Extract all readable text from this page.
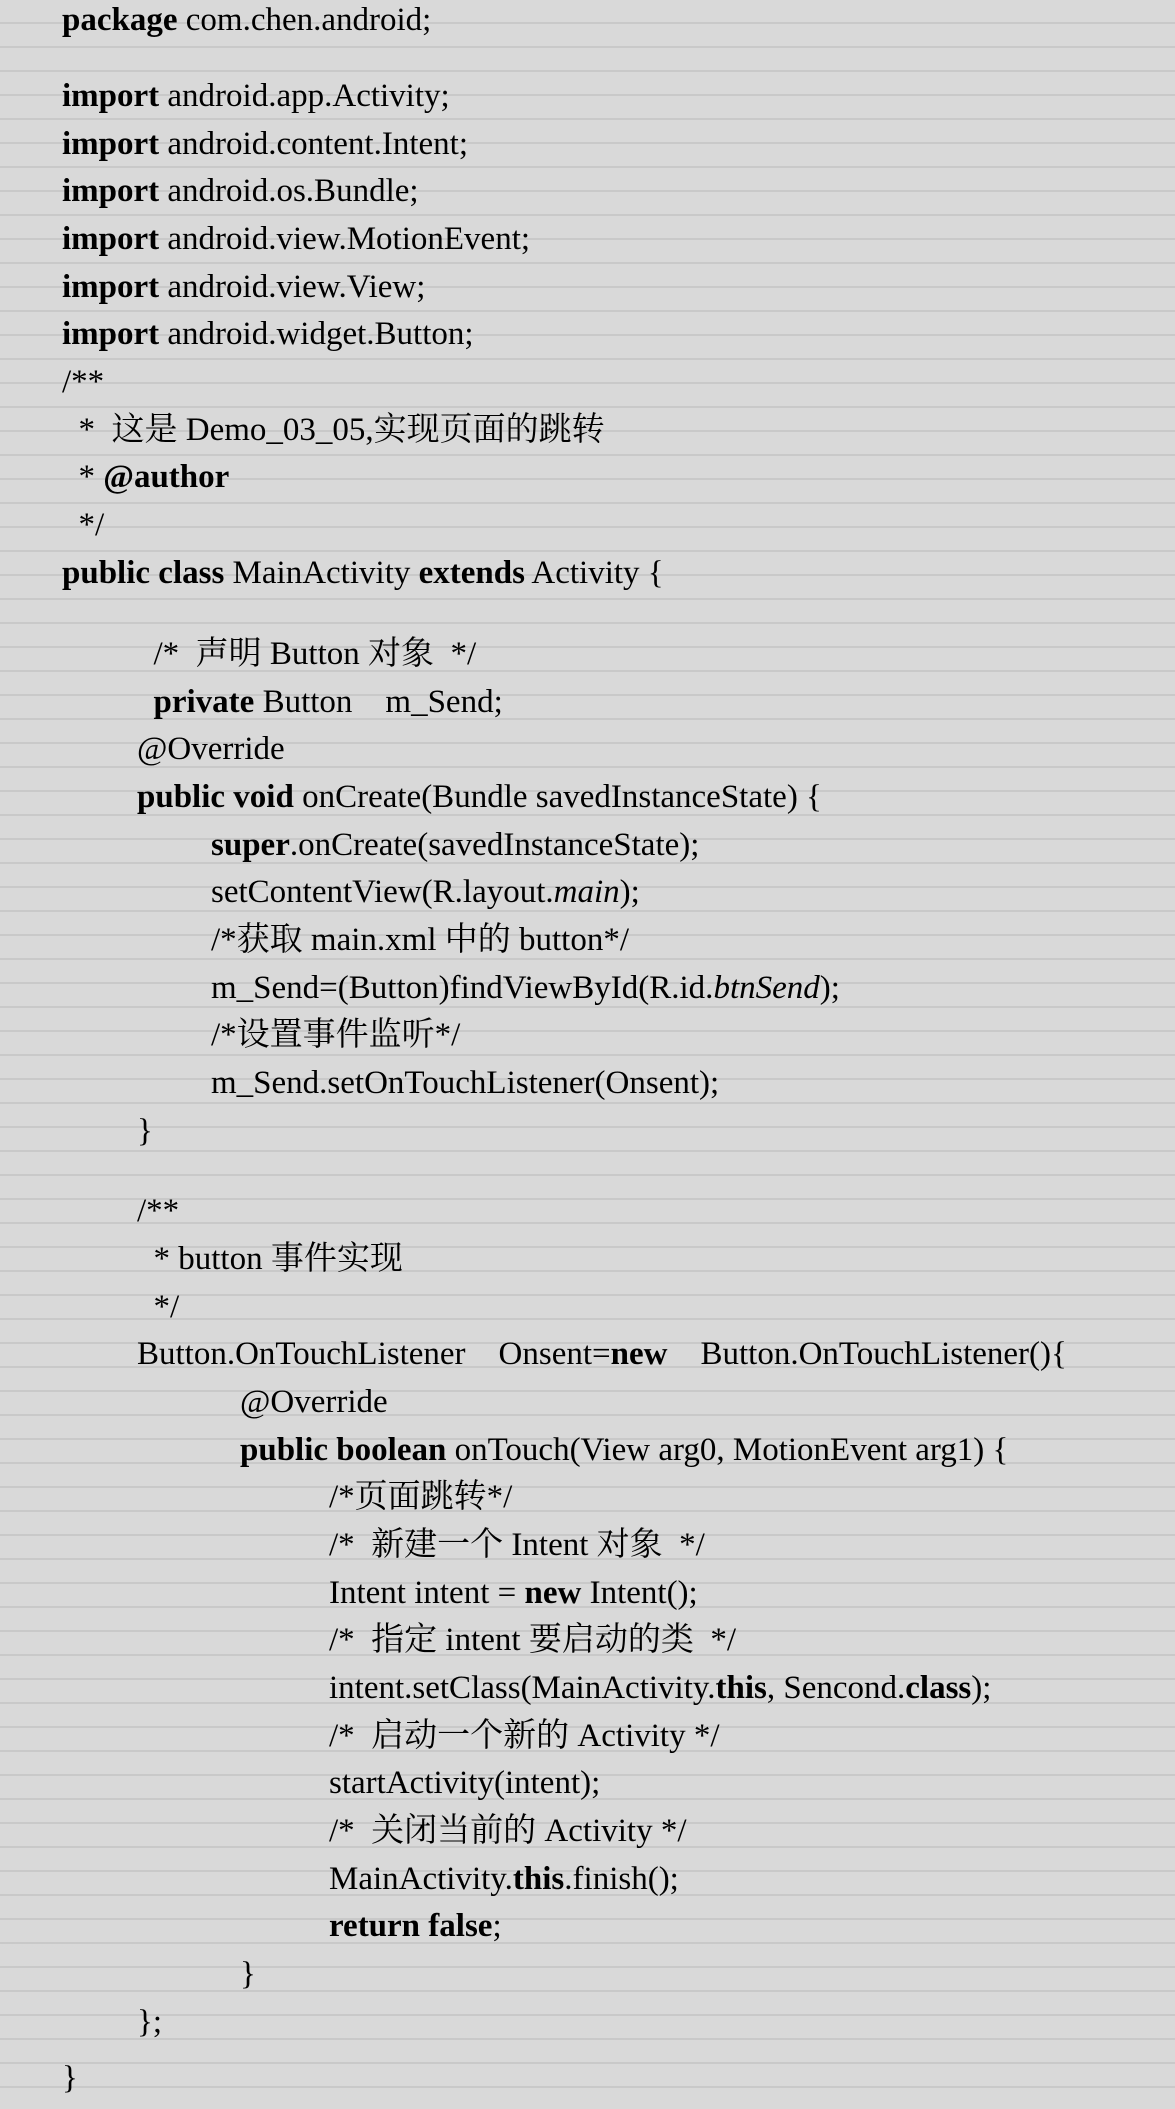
package com.chen.android;
import android.app.Activity;
import android.content.Intent;
import android.os.Bundle;
import android.view.MotionEvent;
import android.view.View;
import android.widget.Button;
/**
*  这是 Demo_03_05,实现页面的跳转
* @author
*/
public class MainActivity extends Activity {
/*  声明 Button 对象  */
private Button    m_Send;
@Override
public void onCreate(Bundle savedInstanceState) {
super.onCreate(savedInstanceState);
setContentView(R.layout.main);
/*获取 main.xml 中的 button*/
m_Send=(Button)findViewById(R.id.btnSend);
/*设置事件监听*/
m_Send.setOnTouchListener(Onsent);
}
/**
* button 事件实现
*/
Button.OnTouchListener    Onsent=new    Button.OnTouchListener(){
@Override
public boolean onTouch(View arg0, MotionEvent arg1) {
/*页面跳转*/
/*  新建一个 Intent 对象  */
Intent intent = new Intent();
/*  指定 intent 要启动的类  */
intent.setClass(MainActivity.this, Sencond.class);
/*  启动一个新的 Activity */
startActivity(intent);
/*  关闭当前的 Activity */
MainActivity.this.finish();
return false;
}
};
}
